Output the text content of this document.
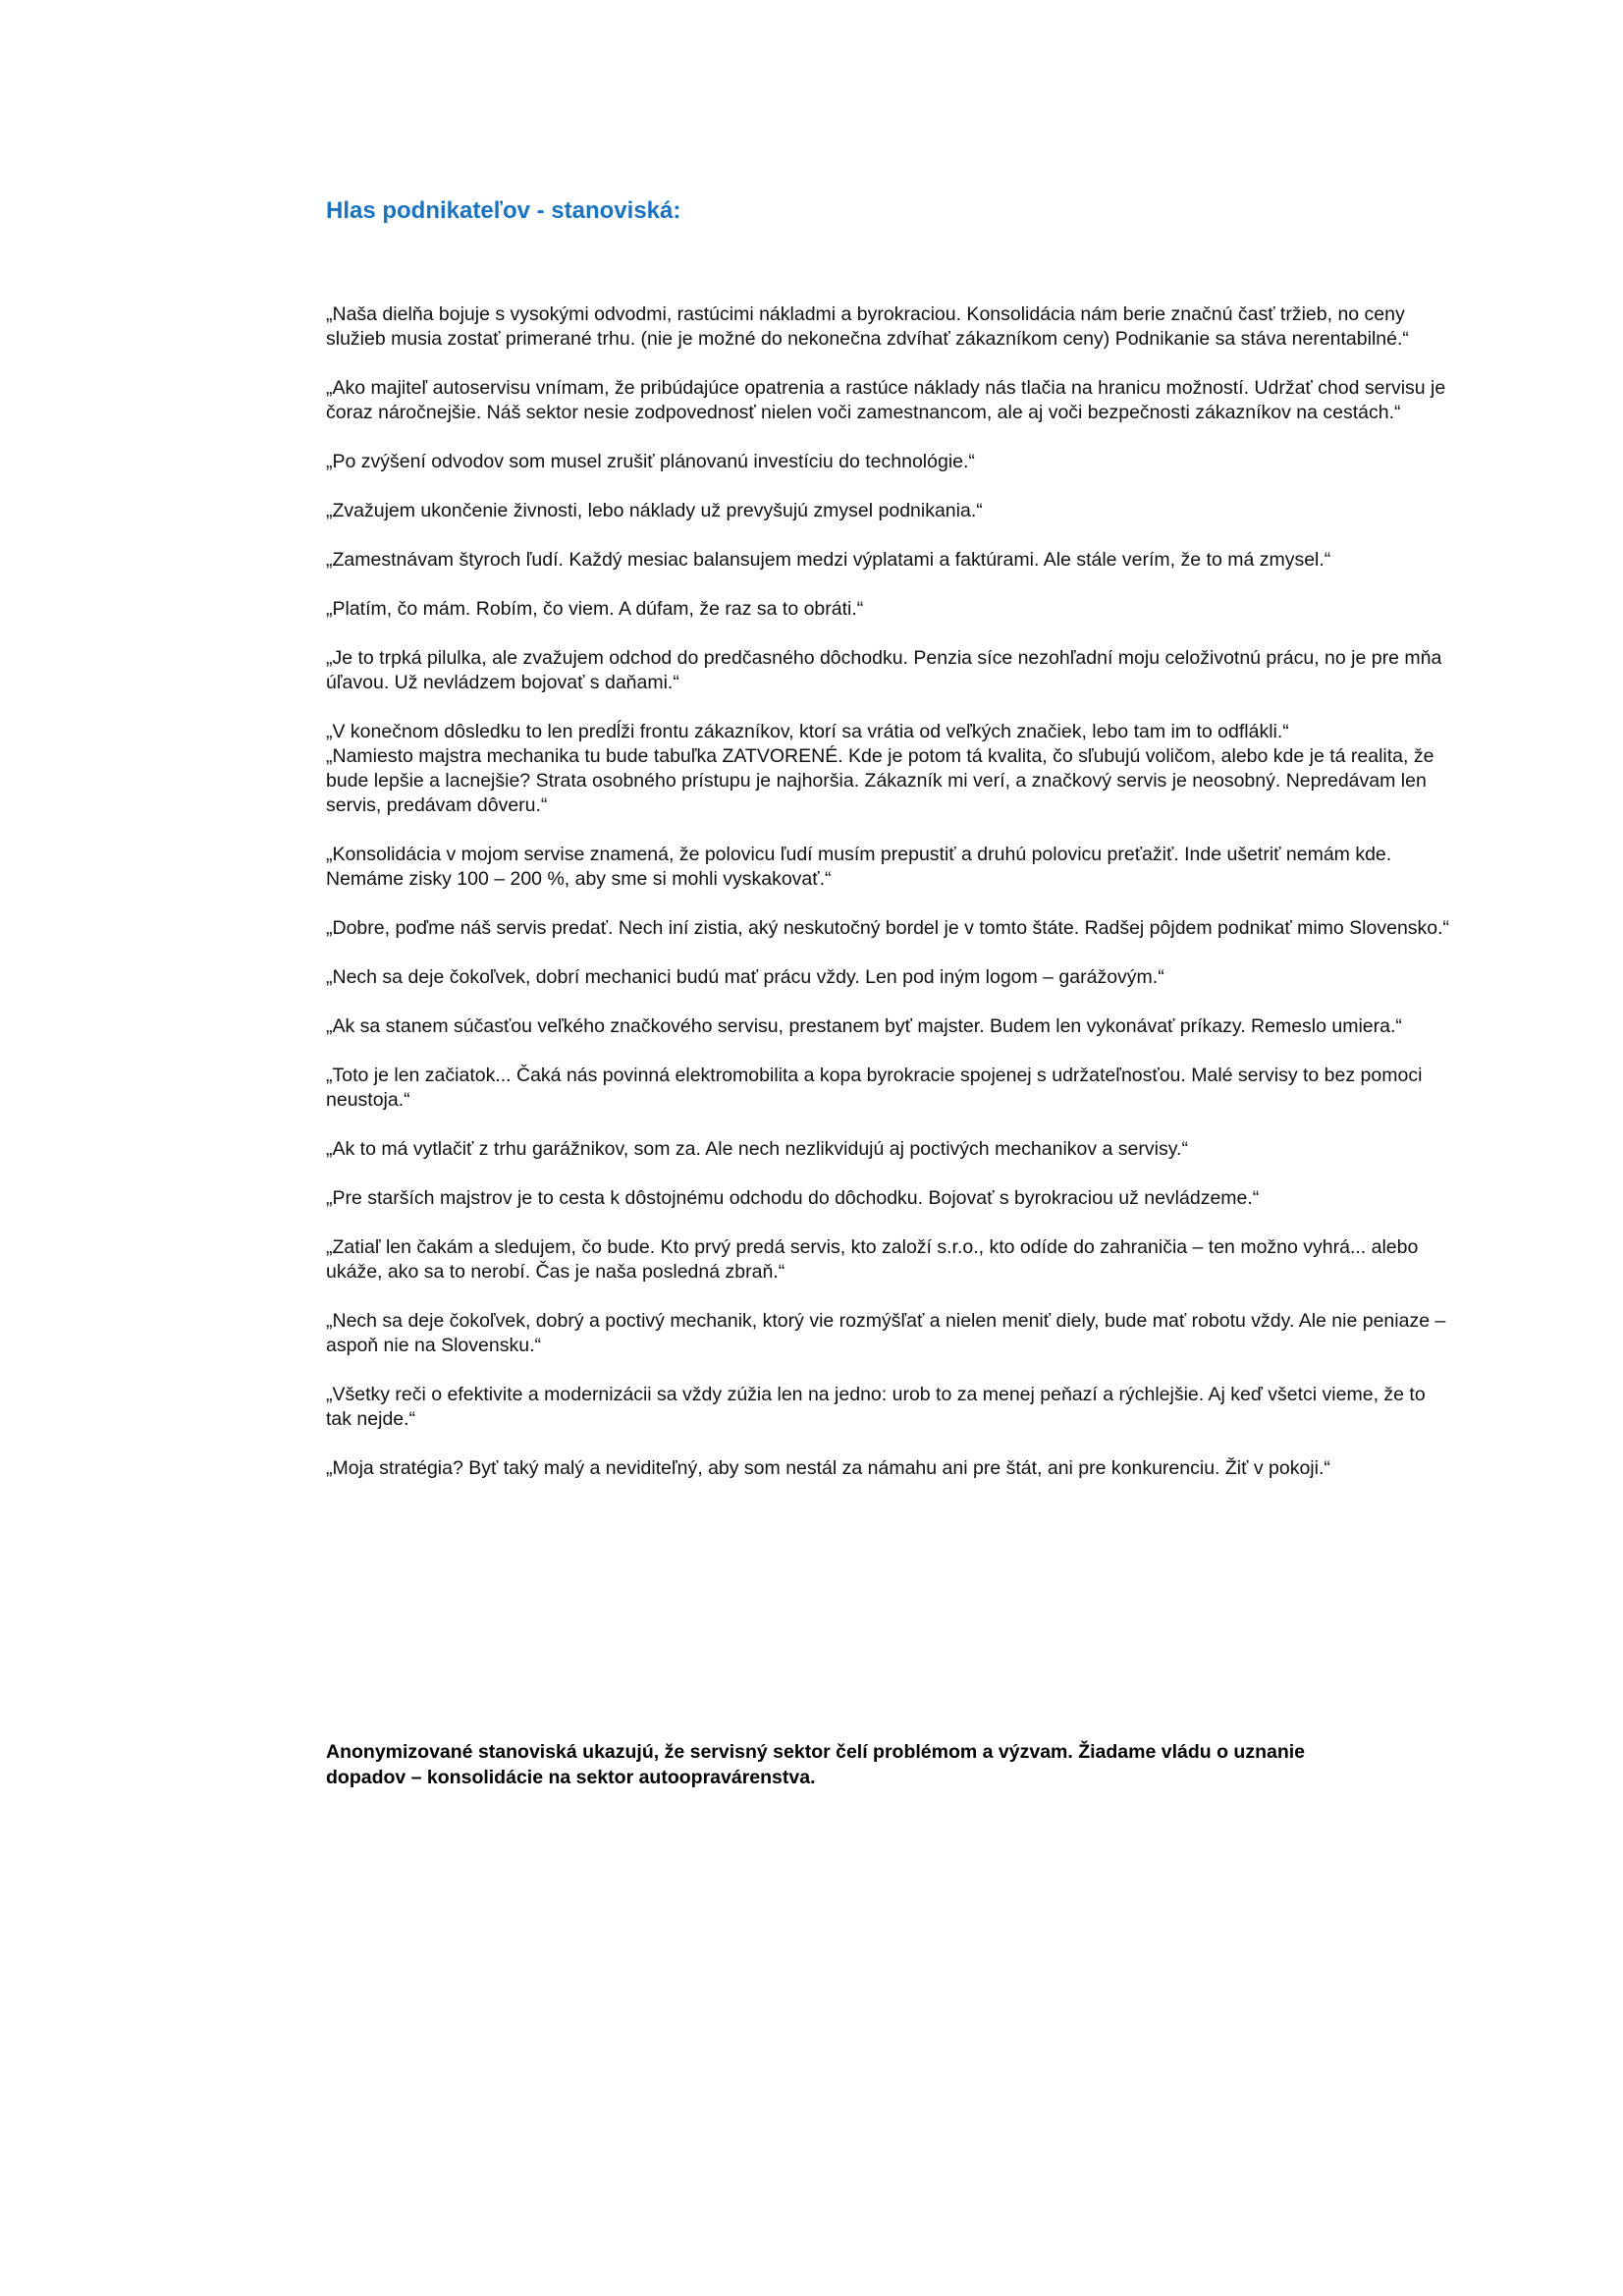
Hlas podnikateľov - stanoviská:

„Naša dielňa bojuje s vysokými odvodmi, rastúcimi nákladmi a byrokraciou. Konsolidácia nám berie značnú časť tržieb, no ceny služieb musia zostať primerané trhu. (nie je možné do nekonečna zdvíhať zákazníkom ceny) Podnikanie sa stáva nerentabilné.“

„Ako majiteľ autoservisu vnímam, že pribúdajúce opatrenia a rastúce náklady nás tlačia na hranicu možností. Udržať chod servisu je čoraz náročnejšie. Náš sektor nesie zodpovednosť nielen voči zamestnancom, ale aj voči bezpečnosti zákazníkov na cestách.“

„Po zvýšení odvodov som musel zrušiť plánovanú investíciu do technológie.“

„Zvažujem ukončenie živnosti, lebo náklady už prevyšujú zmysel podnikania.“

„Zamestnávam štyroch ľudí. Každý mesiac balansujem medzi výplatami a faktúrami. Ale stále verím, že to má zmysel.“

„Platím, čo mám. Robím, čo viem. A dúfam, že raz sa to obráti.“

„Je to trpká pilulka, ale zvažujem odchod do predčasného dôchodku. Penzia síce nezohľadní moju celoživotnú prácu, no je pre mňa úľavou. Už nevládzem bojovať s daňami.“

„V konečnom dôsledku to len predĺži frontu zákazníkov, ktorí sa vrátia od veľkých značiek, lebo tam im to odflákli.“

„Namiesto majstra mechanika tu bude tabuľka ZATVORENÉ. Kde je potom tá kvalita, čo sľubujú voličom, alebo kde je tá realita, že bude lepšie a lacnejšie? Strata osobného prístupu je najhoršia. Zákazník mi verí, a značkový servis je neosobný. Nepredávam len servis, predávam dôveru.“

„Konsolidácia v mojom servise znamená, že polovicu ľudí musím prepustiť a druhú polovicu preťažiť. Inde ušetriť nemám kde. Nemáme zisky 100 – 200 %, aby sme si mohli vyskakovať.“

„Dobre, poďme náš servis predať. Nech iní zistia, aký neskutočný bordel je v tomto štáte. Radšej pôjdem podnikať mimo Slovensko.“

„Nech sa deje čokoľvek, dobrí mechanici budú mať prácu vždy. Len pod iným logom – garážovým.“

„Ak sa stanem súčasťou veľkého značkového servisu, prestanem byť majster. Budem len vykonávať príkazy. Remeslo umiera.“

„Toto je len začiatok... Čaká nás povinná elektromobilita a kopa byrokracie spojenej s udržateľnosťou. Malé servisy to bez pomoci neustoja.“

„Ak to má vytlačiť z trhu garážnikov, som za. Ale nech nezlikvidujú aj poctivých mechanikov a servisy.“

„Pre starších majstrov je to cesta k dôstojnému odchodu do dôchodku. Bojovať s byrokraciou už nevládzeme.“

„Zatiaľ len čakám a sledujem, čo bude. Kto prvý predá servis, kto založí s.r.o., kto odíde do zahraničia – ten možno vyhrá... alebo ukáže, ako sa to nerobí. Čas je naša posledná zbraň.“

„Nech sa deje čokoľvek, dobrý a poctivý mechanik, ktorý vie rozmýšľať a nielen meniť diely, bude mať robotu vždy. Ale nie peniaze – aspoň nie na Slovensku.“

„Všetky reči o efektivite a modernizácii sa vždy zúžia len na jedno: urob to za menej peňazí a rýchlejšie. Aj keď všetci vieme, že to tak nejde.“

„Moja stratégia? Byť taký malý a neviditeľný, aby som nestál za námahu ani pre štát, ani pre konkurenciu. Žiť v pokoji.“

Anonymizované stanoviská ukazujú, že servisný sektor čelí problémom a výzvam. Žiadame vládu o uznanie dopadov – konsolidácie na sektor autoopravárenstva.
